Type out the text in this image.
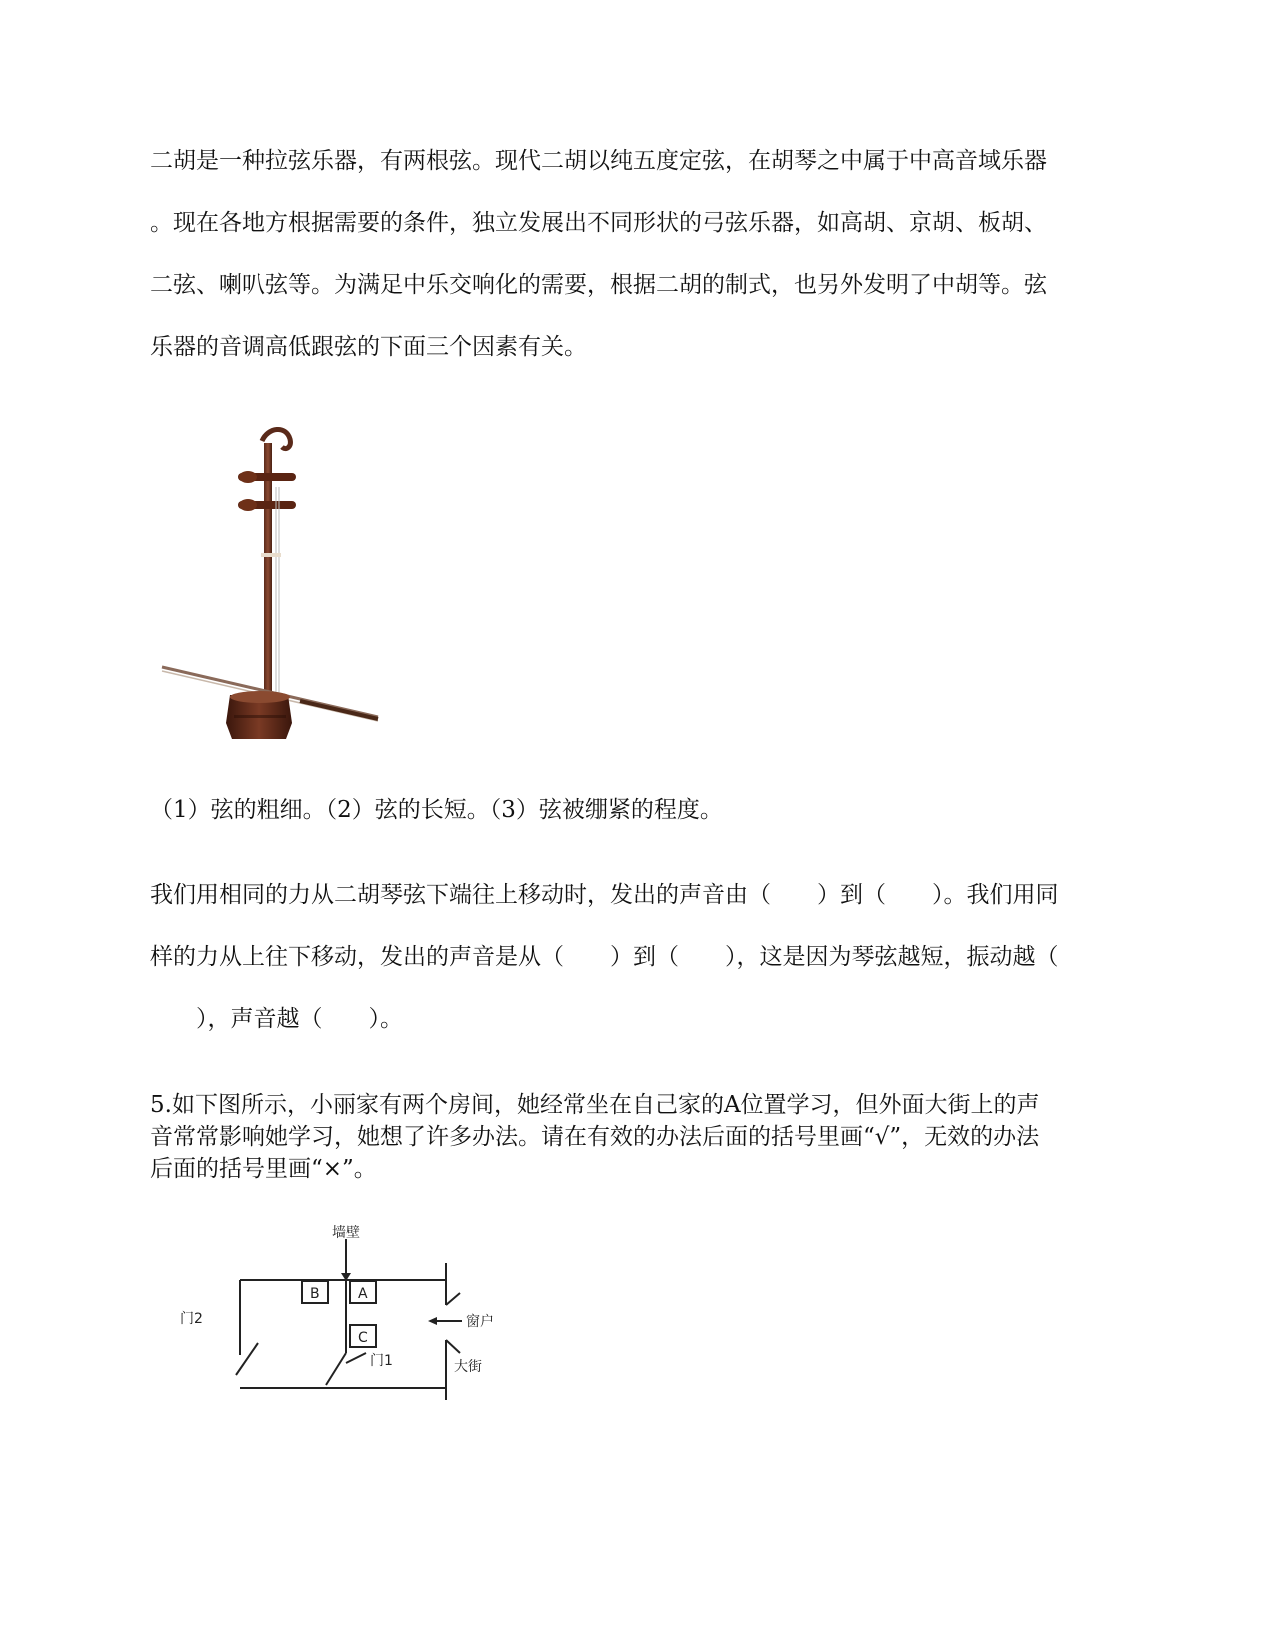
二胡是一种拉弦乐器，有两根弦。现代二胡以纯五度定弦，在胡琴之中属于中高音域乐器
。现在各地方根据需要的条件，独立发展出不同形状的弓弦乐器，如高胡、京胡、板胡、
二弦、喇叭弦等。为满足中乐交响化的需要，根据二胡的制式，也另外发明了中胡等。弦
乐器的音调高低跟弦的下面三个因素有关。
（1）弦的粗细。（2）弦的长短。（3）弦被绷紧的程度。
我们用相同的力从二胡琴弦下端往上移动时，发出的声音由（　　）到（　　）。我们用同
样的力从上往下移动，发出的声音是从（　　）到（　　），这是因为琴弦越短，振动越（
　　），声音越（　　）。
5.如下图所示，小丽家有两个房间，她经常坐在自己家的A位置学习，但外面大街上的声
音常常影响她学习，她想了许多办法。请在有效的办法后面的括号里画“√”，无效的办法
后面的括号里画“×”。
墙壁
B	A
C
门2
门1
窗户
大街
